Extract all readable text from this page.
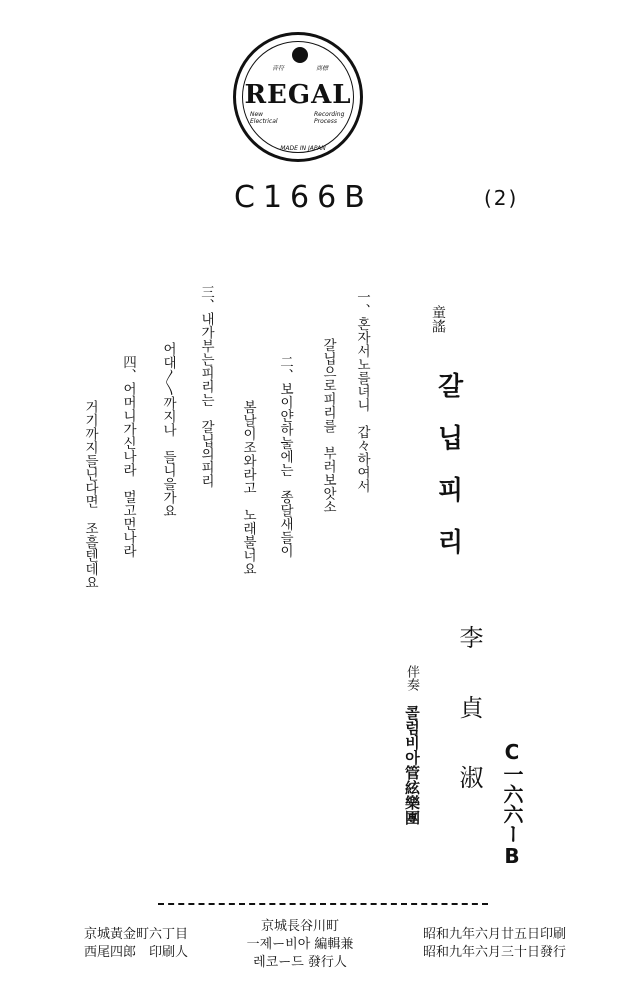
音符	商標
REGAL
New Electrical
Recording Process
MADE IN JAPAN
C166B	(2)
童謠
갈닙피리
一、혼자서노를녀니　갑々하여서
갈닙으로피리를　부러보앗소
二、보이얀하눌에는　종달새들이
봄날이조와라고　노래불너요
三、내가부는피리는　갈닙의피리
어대〳〵까지나　들니을가요
四、어머니가신나라　멀고먼나라
거기까지들닌다면　조흘텐데요
李貞淑
伴奏
콜럼비아管絃樂團	C一六六ーB
昭和九年六月廿五日印刷
昭和九年六月三十日發行
京城長谷川町
一제ー비아 編輯兼
레코ー드 發行人
京城黃金町六丁目
西尾四郎　 印刷人
